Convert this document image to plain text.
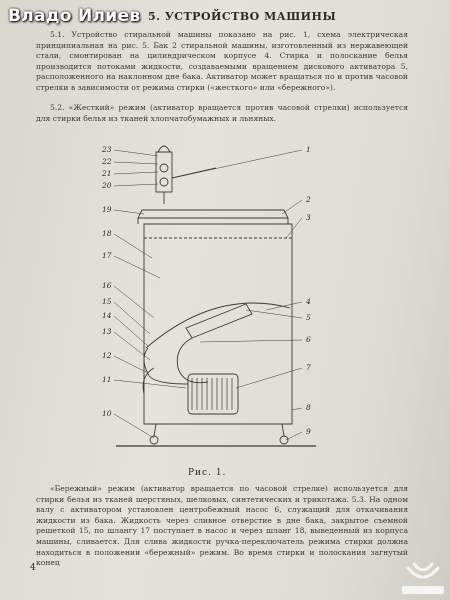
Владо Илиев 5. УСТРОЙСТВО МАШИНЫ

5.1. Устройство стиральной машины показано на рис. 1, схема электрическая принципиальная на рис. 5. Бак 2 стиральной машины, изготовленный из нержавеющей стали, смонтирован на цилиндрическом корпусе 4. Стирка и полоскание белья производится потоками жидкости, создаваемыми вращением дискового активатора 5, расположенного на наклонном дне бака. Активатор может вращаться по и против часовой стрелки в зависимости от режима стирки («жесткого» или «бережного»).

5.2. «Жесткий» режим (активатор вращается против часовой стрелки) используется для стирки белья из тканей хлопчатобумажных и льняных.

23
22
21
20
19
18
17
16
15
14
13
12
11
10
1
2
3
4
5
6
7
8
9
Рис. 1.

«Бережный» режим (активатор вращается по часовой стрелке) используется для стирки белья из тканей шерстяных, шелковых, синтетических и трикотажа. 5.3. На одном валу с активатором установлен центробежный насос 6, служащий для откачивания жидкости из бака. Жидкость через сливное отверстие в дне бака, закрытое съемной решеткой 15, по шлангу 17 поступает в насос и через шланг 18, выведенный из корпуса машины, сливается. Для слива жидкости ручка-переключатель режима стирки должна находиться в положении «бережный» режим. Во время стирки и полоскания загнутый конец

4
